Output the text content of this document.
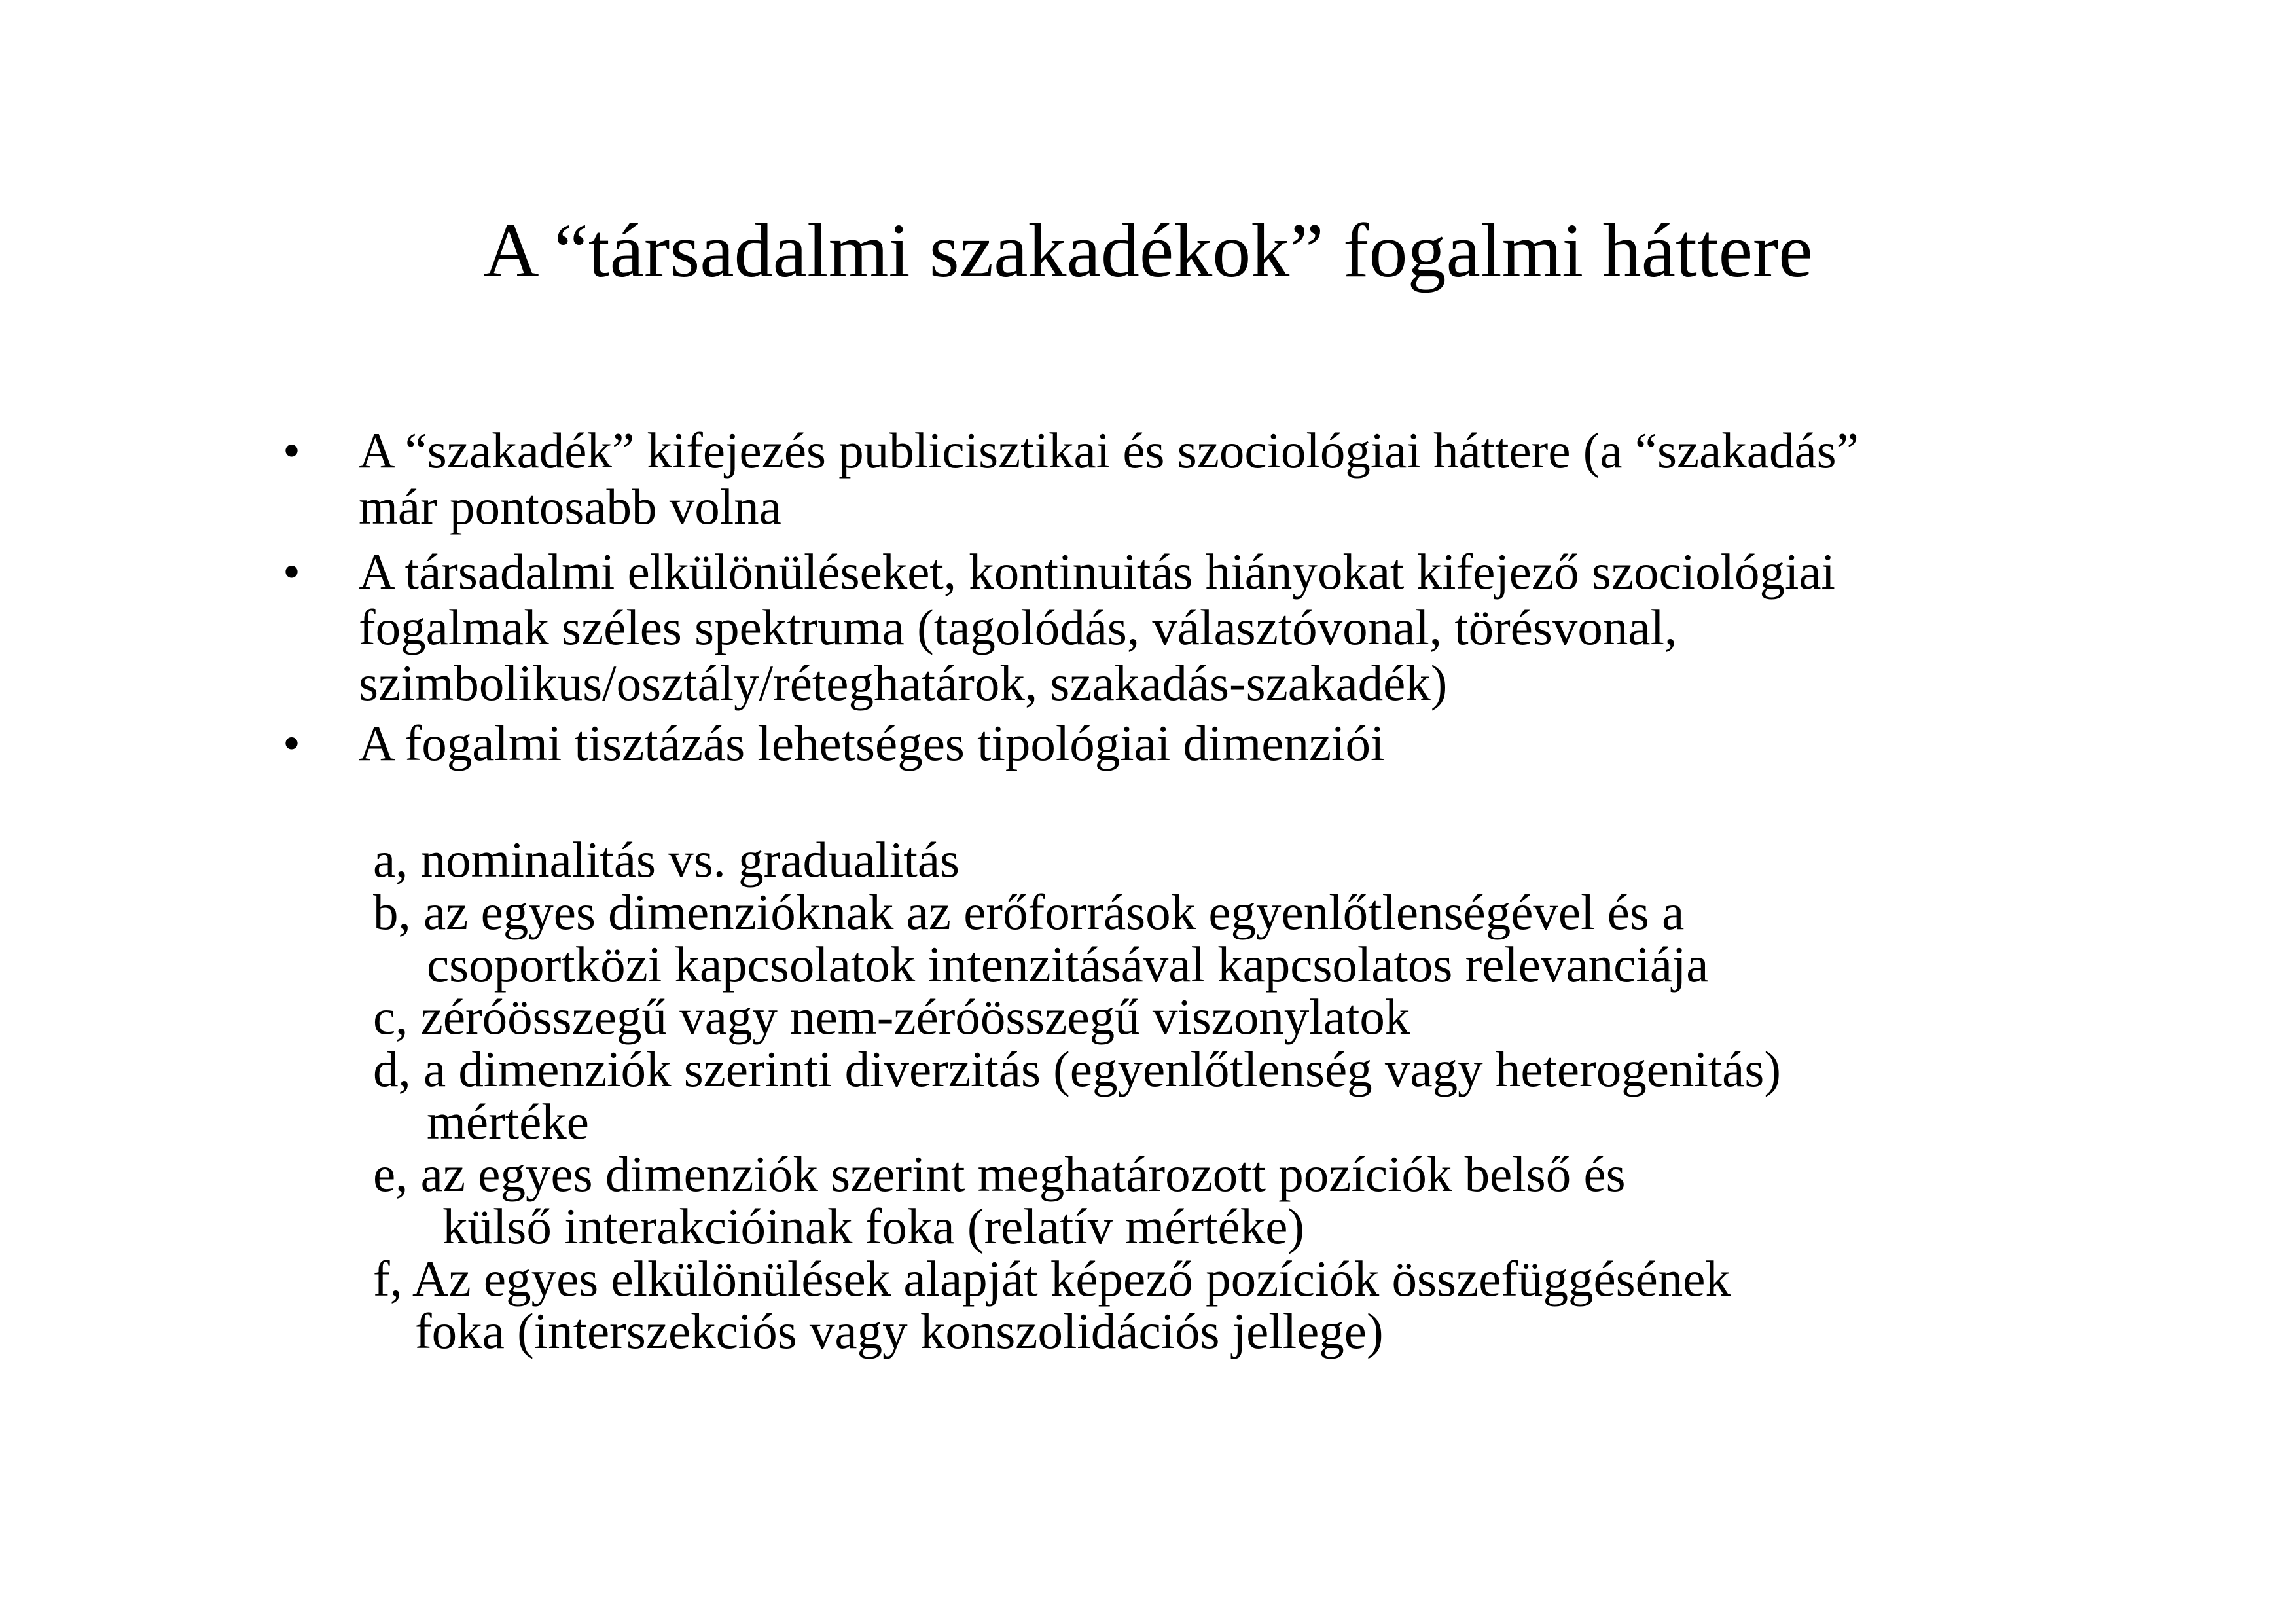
A “társadalmi szakadékok” fogalmi háttere
• A “szakadék” kifejezés publicisztikai és szociológiai háttere (a “szakadás”

már pontosabb volna

• A társadalmi elkülönüléseket, kontinuitás hiányokat kifejező szociológiai

fogalmak széles spektruma (tagolódás, választóvonal, törésvonal,

szimbolikus/osztály/réteghatárok, szakadás-szakadék)

• A fogalmi tisztázás lehetséges tipológiai dimenziói

a, nominalitás vs. gradualitás

b, az egyes dimenzióknak az erőforrások egyenlőtlenségével és a

csoportközi kapcsolatok intenzitásával kapcsolatos relevanciája

c, zéróösszegű vagy nem-zéróösszegű viszonylatok

d, a dimenziók szerinti diverzitás (egyenlőtlenség vagy heterogenitás)

mértéke

e, az egyes dimenziók szerint meghatározott pozíciók belső és

külső interakcióinak foka (relatív mértéke)

f, Az egyes elkülönülések alapját képező pozíciók összefüggésének

foka (interszekciós vagy konszolidációs jellege)
